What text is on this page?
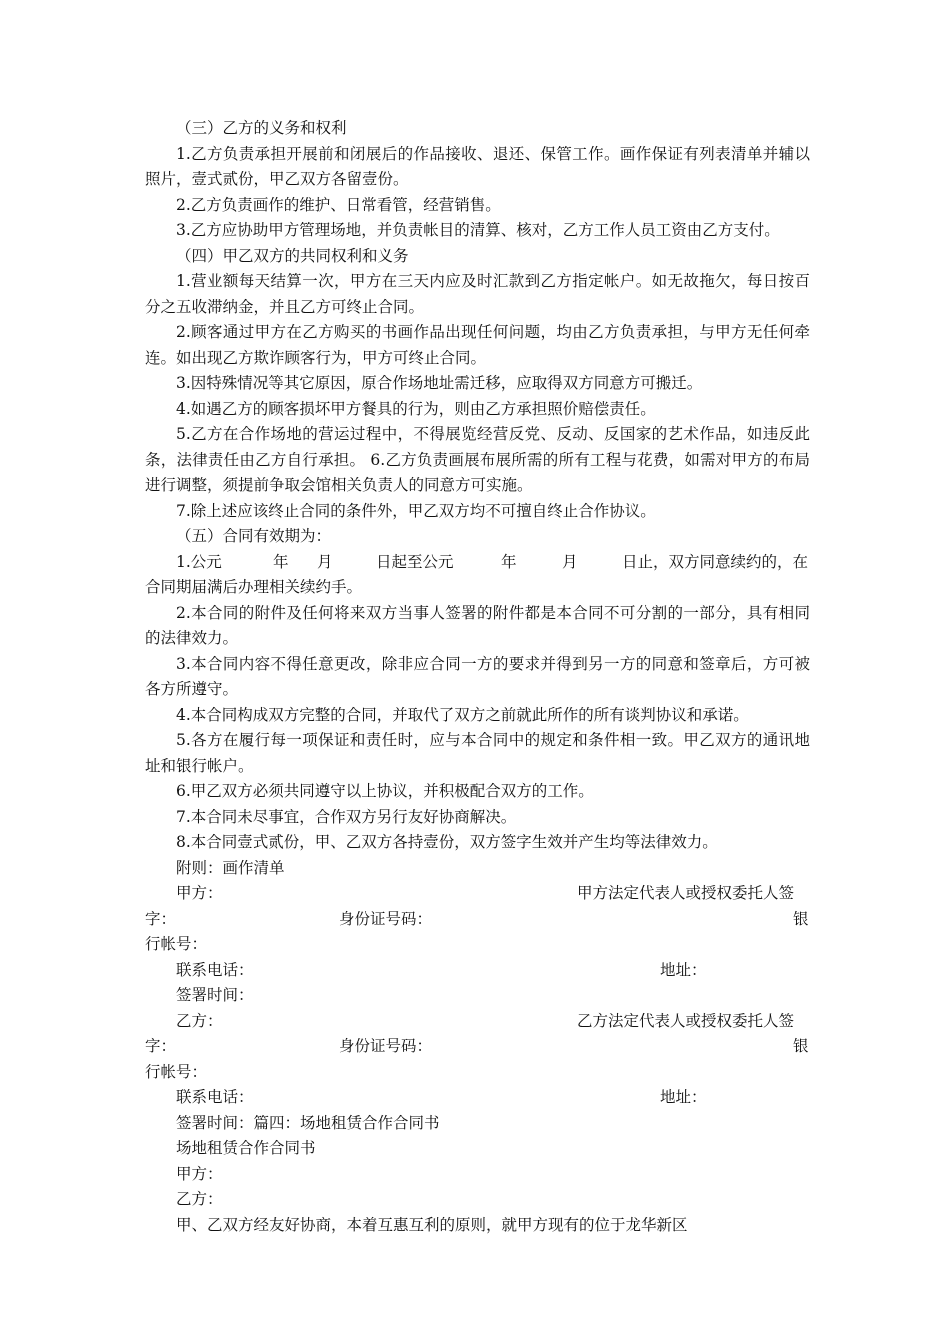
（三）乙方的义务和权利

1.乙方负责承担开展前和闭展后的作品接收、退还、保管工作。画作保证有列表清单并辅以照片，壹式贰份，甲乙双方各留壹份。

2.乙方负责画作的维护、日常看管，经营销售。

3.乙方应协助甲方管理场地，并负责帐目的清算、核对，乙方工作人员工资由乙方支付。

（四）甲乙双方的共同权利和义务

1.营业额每天结算一次，甲方在三天内应及时汇款到乙方指定帐户。如无故拖欠，每日按百分之五收滞纳金，并且乙方可终止合同。

2.顾客通过甲方在乙方购买的书画作品出现任何问题，均由乙方负责承担，与甲方无任何牵连。如出现乙方欺诈顾客行为，甲方可终止合同。

3.因特殊情况等其它原因，原合作场地址需迁移，应取得双方同意方可搬迁。

4.如遇乙方的顾客损坏甲方餐具的行为，则由乙方承担照价赔偿责任。

5.乙方在合作场地的营运过程中，不得展览经营反党、反动、反国家的艺术作品，如违反此条，法律责任由乙方自行承担。 6.乙方负责画展布展所需的所有工程与花费，如需对甲方的布局进行调整，须提前争取会馆相关负责人的同意方可实施。

7.除上述应该终止合同的条件外，甲乙双方均不可擅自终止合作协议。

（五）合同有效期为：

1.公元	年 月	日起至公元	年	月	日止，双方同意续约的，在
合同期届满后办理相关续约手。

2.本合同的附件及任何将来双方当事人签署的附件都是本合同不可分割的一部分，具有相同的法律效力。

3.本合同内容不得任意更改，除非应合同一方的要求并得到另一方的同意和签章后，方可被各方所遵守。

4.本合同构成双方完整的合同，并取代了双方之前就此所作的所有谈判协议和承诺。

5.各方在履行每一项保证和责任时，应与本合同中的规定和条件相一致。甲乙双方的通讯地址和银行帐户。

6.甲乙双方必须共同遵守以上协议，并积极配合双方的工作。

7.本合同未尽事宜，合作双方另行友好协商解决。

8.本合同壹式贰份，甲、乙双方各持壹份，双方签字生效并产生均等法律效力。

附则：画作清单

甲方：	甲方法定代表人或授权委托人签
字：	身份证号码：	银
行帐号：
联系电话：	地址：
签署时间：
乙方：	乙方法定代表人或授权委托人签
字：	身份证号码：	银
行帐号：
联系电话：	地址：
签署时间：篇四：场地租赁合作合同书

场地租赁合作合同书

甲方：

乙方：

甲、乙双方经友好协商，本着互惠互利的原则，就甲方现有的位于龙华新区
